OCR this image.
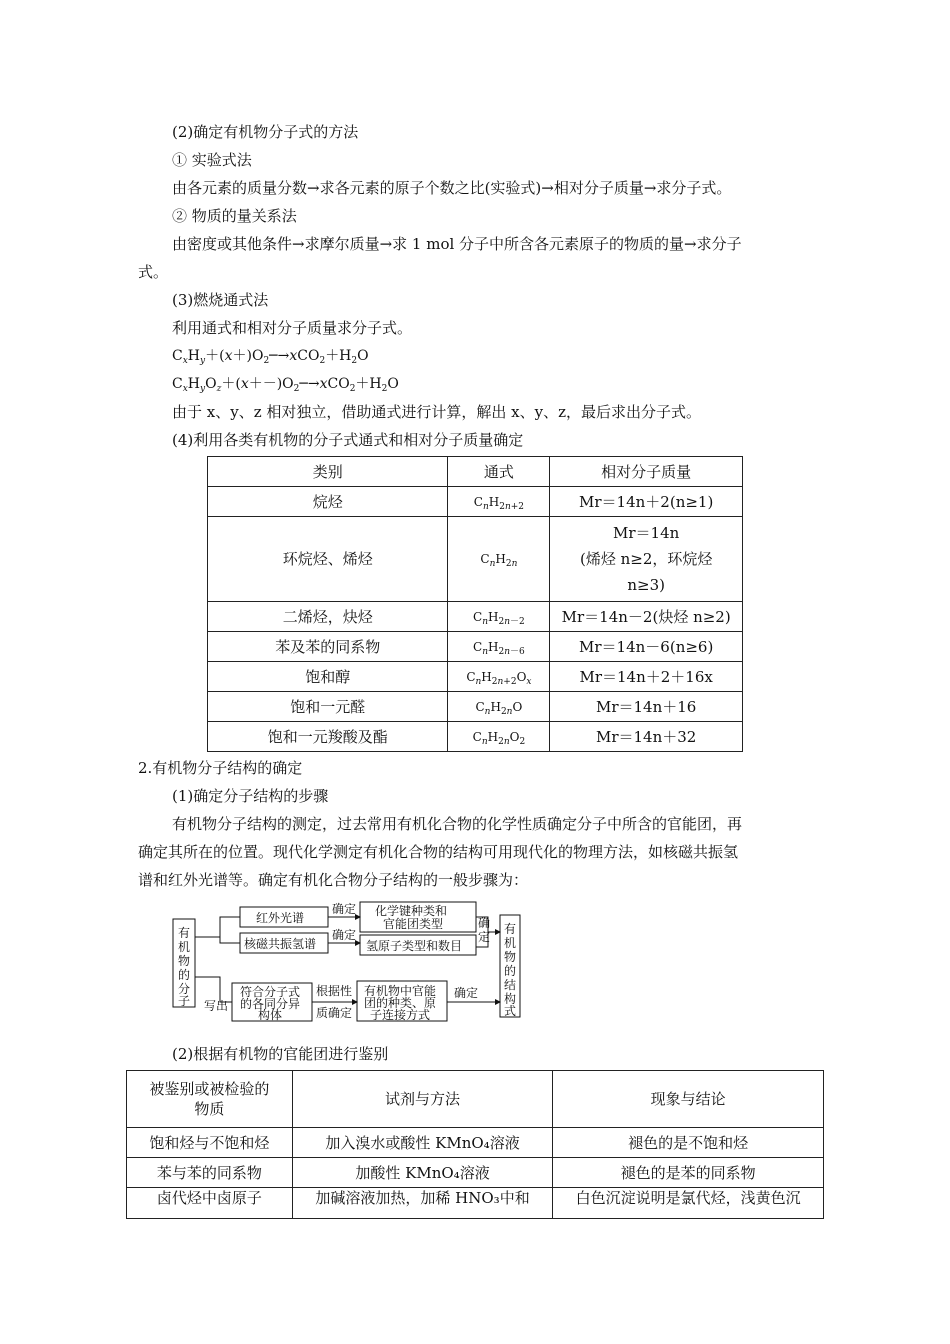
(2)确定有机物分子式的方法
① 实验式法
由各元素的质量分数→求各元素的原子个数之比(实验式)→相对分子质量→求分子式。
② 物质的量关系法
由密度或其他条件→求摩尔质量→求 1 mol 分子中所含各元素原子的物质的量→求分子
式。
(3)燃烧通式法
利用通式和相对分子质量求分子式。
$C_xH_y+(x+)O_2─\to xCO_2+H_2O$
$C_xH_yO_z+(x+-)O_2─\to xCO_2+H_2O$
由于 x、y、z 相对独立，借助通式进行计算，解出 x、y、z，最后求出分子式。
(4)利用各类有机物的分子式通式和相对分子质量确定
类别	通式	相对分子质量
烷烃	$C_nH_{2n+2}$	Mr＝14n＋2(n≥1)
环烷烃、烯烃	$C_nH_{2n}$	Mr＝14n
(烯烃 n≥2，环烷烃
n≥3)

二烯烃，炔烃	$C_nH_{2n-2}$	Mr＝14n－2(炔烃 n≥2)
苯及苯的同系物	$C_nH_{2n-6}$	Mr＝14n－6(n≥6)
饱和醇	$C_nH_{2n+2}O_x$	Mr＝14n＋2＋16x
饱和一元醛	$C_nH_{2n}O$	Mr＝14n＋16
饱和一元羧酸及酯	$C_nH_{2n}O_2$	Mr＝14n＋32
2.有机物分子结构的确定
(1)确定分子结构的步骤
有机物分子结构的测定，过去常用有机化合物的化学性质确定分子中所含的官能团，再
确定其所在的位置。现代化学测定有机化合物的结构可用现代化的物理方法，如核磁共振氢
谱和红外光谱等。确定有机化合物分子结构的一般步骤为：
有
机
物
的
分
子
有
机
物
的
结
构
式
红外光谱
核磁共振氢谱
确定
确定
化学键种类和
官能团类型
氢原子类型和数目
确
定
写出
符合分子式
的各同分异
构体
根据性
质确定
有机物中官能
团的种类、原
子连接方式
确定
(2)根据有机物的官能团进行鉴别
被鉴别或被检验的
物质	试剂与方法	现象与结论
饱和烃与不饱和烃	加入溴水或酸性 KMnO₄溶液	褪色的是不饱和烃
苯与苯的同系物	加酸性 KMnO₄溶液	褪色的是苯的同系物
卤代烃中卤原子	加碱溶液加热，加稀 HNO₃中和	白色沉淀说明是氯代烃，浅黄色沉
